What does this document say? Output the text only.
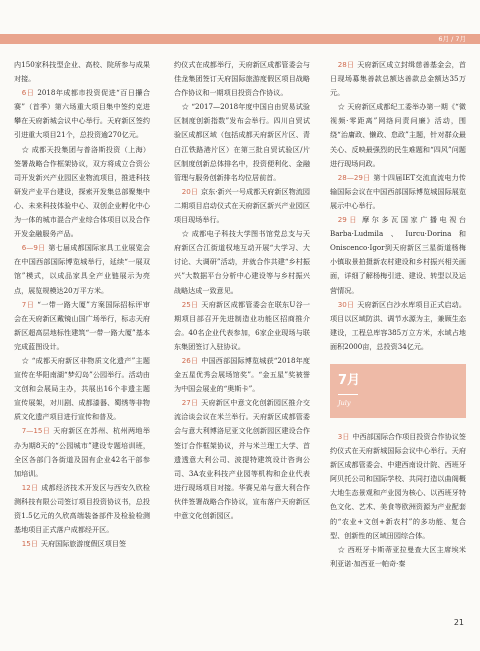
6月 / 7月

内150家科技型企业、高校、院所参与成果对接。

6日 2018年成都市投资促进“百日攥合赛”（首季）第六场重大项目集中签约克进攀在天府新城会议中心举行。天府新区签约引进重大项目21个，总投资逾270亿元。

☆ 成都天投集团与普洛斯投资（上海）签署战略合作框架协议，双方将成立合资公司开发新兴产业园区业物流项目，推进科技研发产业平台建设，探索开发集总部聚集中心、未来科技体验中心、双创企业孵化中心为一体的城市混合产业综合体项目以及合作开发金融服务产品。

6—9日 第七届成都国际家具工业展览会在中国西部国际博览城举行，延续“一展双馆”模式，以成品家具全产业链展示为亮点，展览规模达20万平方米。

7日 “一带一路大厦”方案国际招标评审会在天府新区戴镜山国广场举行，标志天府新区超高层地标性建筑“一带一路大厦”基本完成蓝图设计。

☆ “成都天府新区非物质文化遗产”主题宣传在华阳南湖“梦幻岛”公园举行。活动由文创和会展局主办，共展出16个非遗主题宣传展架，对川剧、成都漆器、蜀绣等非物质文化遗产项目进行宣传和普及。

7—15日 天府新区在苏州、杭州两地举办为期8天的“公园城市”建设专题培训班，全区各部门各街道及国有企业42名干部参加培训。

12日 成都经济技术开发区与西安久欣检测科技有限公司签订项目投资协议书，总投资1.5亿元的久欣高端装备部件及检验检测基地项目正式落户成都经开区。

15日 天府国际旅游度假区项目签

约仪式在成都举行，天府新区成都管委会与佳龙集团签订天府国际旅游度假区项目战略合作协议和一期项目投资合作协议。

☆ “2017—2018年度中国自由贸易试验区制度创新指数”发布会举行。四川自贸试验区成都区域（包括成都天府新区片区、青白江铁路港片区）在第三批自贸试验区/片区制度创新总体排名中，投资便利化、金融管理与服务创新排名均位居前首。

20日 京东·新兴一号成都天府新区物流园二期项目启动仪式在天府新区新兴产业园区项目现场举行。

☆ 成都电子科技大学图书馆党总支与天府新区合江街道权地互动开展“大学习、大讨论、大调研”活动，并就合作共建“乡村振兴”大数据平台分析中心建设等与乡村振兴战略达成一致意见。

25日 天府新区成都管委会在联东U谷一期项目部召开先进制造业功能区招商推介会。40名企业代表参加，6家企业现场与联东集团签订入驻协议。

26日 中国西部国际博览城获“2018年度金五星优秀会展场馆奖”。“金五星”奖被誉为中国会展业的“奥斯卡”。

27日 天府新区中意文化创新园区推介交流洽谈会议在米兰举行。天府新区成都管委会与意大利博洛尼亚文化创新园区建设合作签订合作框架协议，并与米兰理工大学、首遗透意大利公司、波提特建筑设计咨询公司、3A农业科技产业园等机构和企业代表进行现场项目对接。华赛兄弟与意大利合作伙伴签署战略合作协议，宣布落户天府新区中意文化创新园区。

28日 天府新区成立封缉慈善基金会，首日现场募集善款总额达善款总金额达35万元。

☆ 天府新区成都纪工委举办第一期《“微视频·零距离”网络问责问廉》活动，围绕“治庸政、懒政、怠政”主题，针对群众最关心、反映最强烈的民生难题和“四风”问题进行现场问政。

28—29日 第十四届IET交流直流电力传输国际会议在中国西部国际博览城国际展览展示中心举行。

29日 摩尔多瓦国家广播电视台Barba·Ludmila、Iurcu·Dorina和Oniscenco·Igor到天府新区三星街道杨梅小镇取景拍摄新农村建设和乡村振兴相关画面，详细了解杨梅引进、建设、转型以及运营情况。

30日 天府新区白沙水库项目正式启动。项目以区域防洪、调节水源为主，兼顾生态建设，工程总库容385万立方米，水域占地面积2000亩，总投资34亿元。

7月
July

3日 中西部国际合作项目投资合作协议签约仪式在天府新城国际会议中心举行。天府新区成都管委会、中建西南设计院、西班牙阿贝托公司和国际学校、共同打造以曲阁概大地生态景观和产业园为核心、以西班牙特色文化、艺术、美食等欧洲资源为产业配套的“农业+文创+新农村”的多功能、复合型、创新性的区域田园综合体。

☆ 西班牙卡斯蒂亚拉曼查大区主席埃米利亚诺·加西亚一帕奇·秦

21
